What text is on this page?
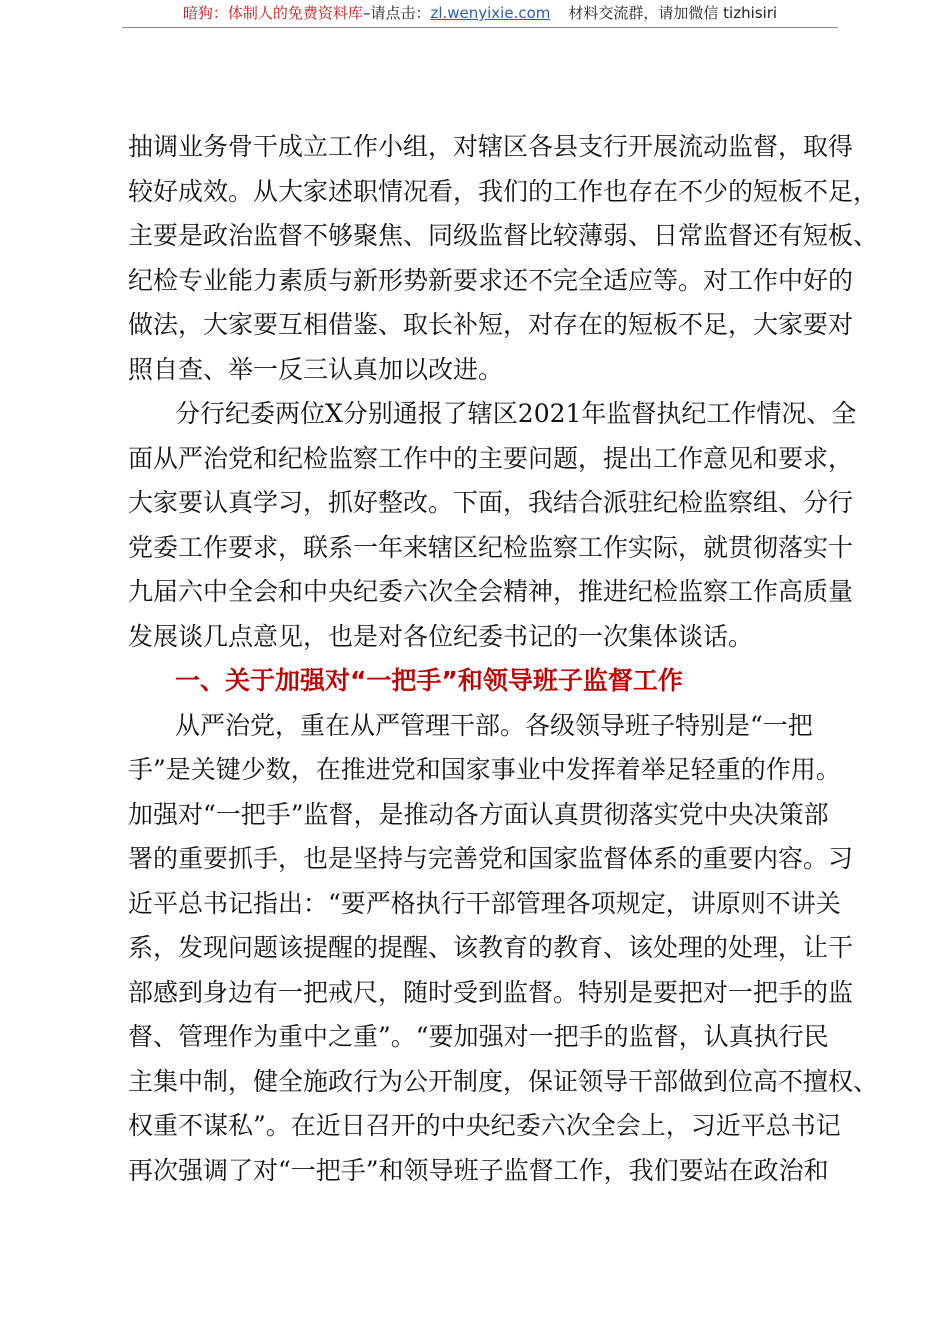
暗狗：体制人的免费资料库–请点击：zl.wenyixie.com 材料交流群，请加微信 tizhisiri
抽调业务骨干成立工作小组，对辖区各县支行开展流动监督，取得
较好成效。从大家述职情况看，我们的工作也存在不少的短板不足，
主要是政治监督不够聚焦、同级监督比较薄弱、日常监督还有短板、
纪检专业能力素质与新形势新要求还不完全适应等。对工作中好的
做法，大家要互相借鉴、取长补短，对存在的短板不足，大家要对
照自查、举一反三认真加以改进。
分行纪委两位X分别通报了辖区2021年监督执纪工作情况、全
面从严治党和纪检监察工作中的主要问题，提出工作意见和要求，
大家要认真学习，抓好整改。下面，我结合派驻纪检监察组、分行
党委工作要求，联系一年来辖区纪检监察工作实际，就贯彻落实十
九届六中全会和中央纪委六次全会精神，推进纪检监察工作高质量
发展谈几点意见，也是对各位纪委书记的一次集体谈话。
一、关于加强对“一把手”和领导班子监督工作
从严治党，重在从严管理干部。各级领导班子特别是“一把
手”是关键少数，在推进党和国家事业中发挥着举足轻重的作用。
加强对“一把手”监督，是推动各方面认真贯彻落实党中央决策部
署的重要抓手，也是坚持与完善党和国家监督体系的重要内容。习
近平总书记指出：“要严格执行干部管理各项规定，讲原则不讲关
系，发现问题该提醒的提醒、该教育的教育、该处理的处理，让干
部感到身边有一把戒尺，随时受到监督。特别是要把对一把手的监
督、管理作为重中之重”。“要加强对一把手的监督，认真执行民
主集中制，健全施政行为公开制度，保证领导干部做到位高不擅权、
权重不谋私”。在近日召开的中央纪委六次全会上，习近平总书记
再次强调了对“一把手”和领导班子监督工作，我们要站在政治和
